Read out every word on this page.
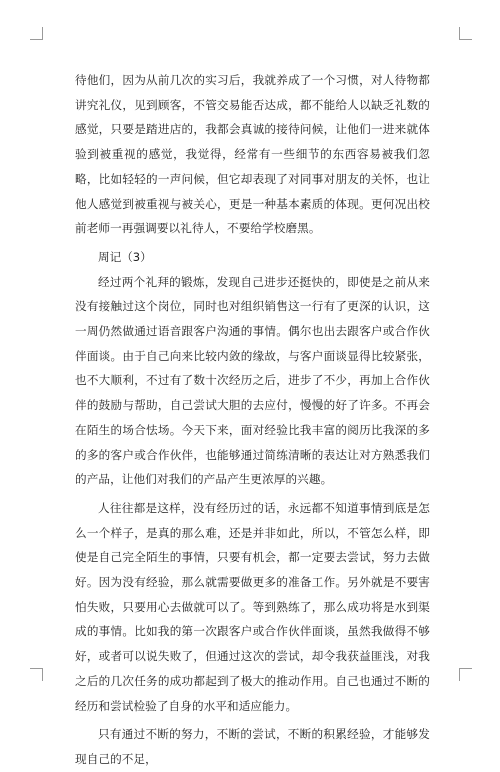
待他们，因为从前几次的实习后，我就养成了一个习惯，对人待物都讲究礼仪，见到顾客，不管交易能否达成，都不能给人以缺乏礼数的感觉，只要是踏进店的，我都会真诚的接待问候，让他们一进来就体验到被重视的感觉，我觉得，经常有一些细节的东西容易被我们忽略，比如轻轻的一声问候，但它却表现了对同事对朋友的关怀，也让他人感觉到被重视与被关心，更是一种基本素质的体现。更何况出校前老师一再强调要以礼待人，不要给学校磨黑。

周记（3）

经过两个礼拜的锻炼，发现自己进步还挺快的，即使是之前从来没有接触过这个岗位，同时也对组织销售这一行有了更深的认识，这一周仍然做通过语音跟客户沟通的事情。偶尔也出去跟客户或合作伙伴面谈。由于自己向来比较内敛的缘故，与客户面谈显得比较紧张，也不大顺利，不过有了数十次经历之后，进步了不少，再加上合作伙伴的鼓励与帮助，自己尝试大胆的去应付，慢慢的好了许多。不再会在陌生的场合怯场。今天下来，面对经验比我丰富的阅历比我深的多的多的客户或合作伙伴，也能够通过简练清晰的表达让对方熟悉我们的产品，让他们对我们的产品产生更浓厚的兴趣。

人往往都是这样，没有经历过的话，永远都不知道事情到底是怎么一个样子，是真的那么难，还是并非如此，所以，不管怎么样，即使是自己完全陌生的事情，只要有机会，都一定要去尝试，努力去做好。因为没有经验，那么就需要做更多的准备工作。另外就是不要害怕失败，只要用心去做就可以了。等到熟练了，那么成功将是水到渠成的事情。比如我的第一次跟客户或合作伙伴面谈，虽然我做得不够好，或者可以说失败了，但通过这次的尝试，却令我获益匪浅，对我之后的几次任务的成功都起到了极大的推动作用。自己也通过不断的经历和尝试检验了自身的水平和适应能力。

只有通过不断的努力，不断的尝试，不断的积累经验，才能够发现自己的不足，
